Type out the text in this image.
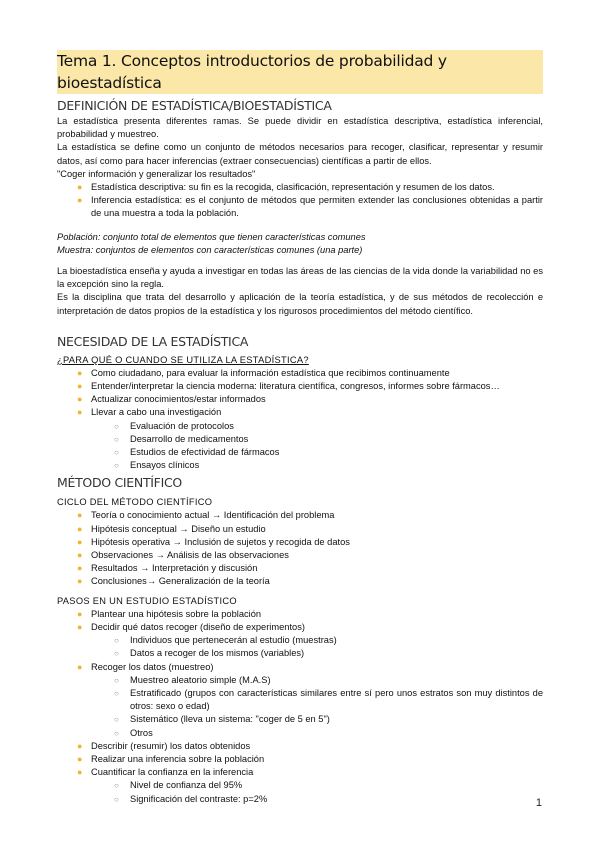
Tema 1. Conceptos introductorios de probabilidad y bioestadística
DEFINICIÓN DE ESTADÍSTICA/BIOESTADÍSTICA

La estadística presenta diferentes ramas. Se puede dividir en estadística descriptiva, estadística inferencial, probabilidad y muestreo.

La estadística se define como un conjunto de métodos necesarios para recoger, clasificar, representar y resumir datos, así como para hacer inferencias (extraer consecuencias) científicas a partir de ellos.

"Coger información y generalizar los resultados"

● Estadística descriptiva: su fin es la recogida, clasificación, representación y resumen de los datos.
● Inferencia estadística: es el conjunto de métodos que permiten extender las conclusiones obtenidas a partir de una muestra a toda la población.

Población: conjunto total de elementos que tienen características comunes

Muestra: conjuntos de elementos con características comunes (una parte)

La bioestadística enseña y ayuda a investigar en todas las áreas de las ciencias de la vida donde la variabilidad no es la excepción sino la regla.

Es la disciplina que trata del desarrollo y aplicación de la teoría estadística, y de sus métodos de recolección e interpretación de datos propios de la estadística y los rigurosos procedimientos del método científico.

NECESIDAD DE LA ESTADÍSTICA
¿PARA QUÉ O CUANDO SE UTILIZA LA ESTADÍSTICA?
● Como ciudadano, para evaluar la información estadística que recibimos continuamente
● Entender/interpretar la ciencia moderna: literatura científica, congresos, informes sobre fármacos…
● Actualizar conocimientos/estar informados
● Llevar a cabo una investigación
○ Evaluación de protocolos
○ Desarrollo de medicamentos
○ Estudios de efectividad de fármacos
○ Ensayos clínicos
MÉTODO CIENTÍFICO
CICLO DEL MÉTODO CIENTÍFICO
● Teoría o conocimiento actual → Identificación del problema
● Hipótesis conceptual → Diseño un estudio
● Hipótesis operativa → Inclusión de sujetos y recogida de datos
● Observaciones → Análisis de las observaciones
● Resultados → Interpretación y discusión
● Conclusiones→ Generalización de la teoría
PASOS EN UN ESTUDIO ESTADÍSTICO
● Plantear una hipótesis sobre la población
● Decidir qué datos recoger (diseño de experimentos)
○ Individuos que pertenecerán al estudio (muestras)
○ Datos a recoger de los mismos (variables)
● Recoger los datos (muestreo)
○ Muestreo aleatorio simple (M.A.S)
○ Estratificado (grupos con características similares entre sí pero unos estratos son muy distintos de otros: sexo o edad)
○ Sistemático (lleva un sistema: "coger de 5 en 5")
○ Otros
● Describir (resumir) los datos obtenidos
● Realizar una inferencia sobre la población
● Cuantificar la confianza en la inferencia
○ Nivel de confianza del 95%
○ Significación del contraste: p=2%	1
